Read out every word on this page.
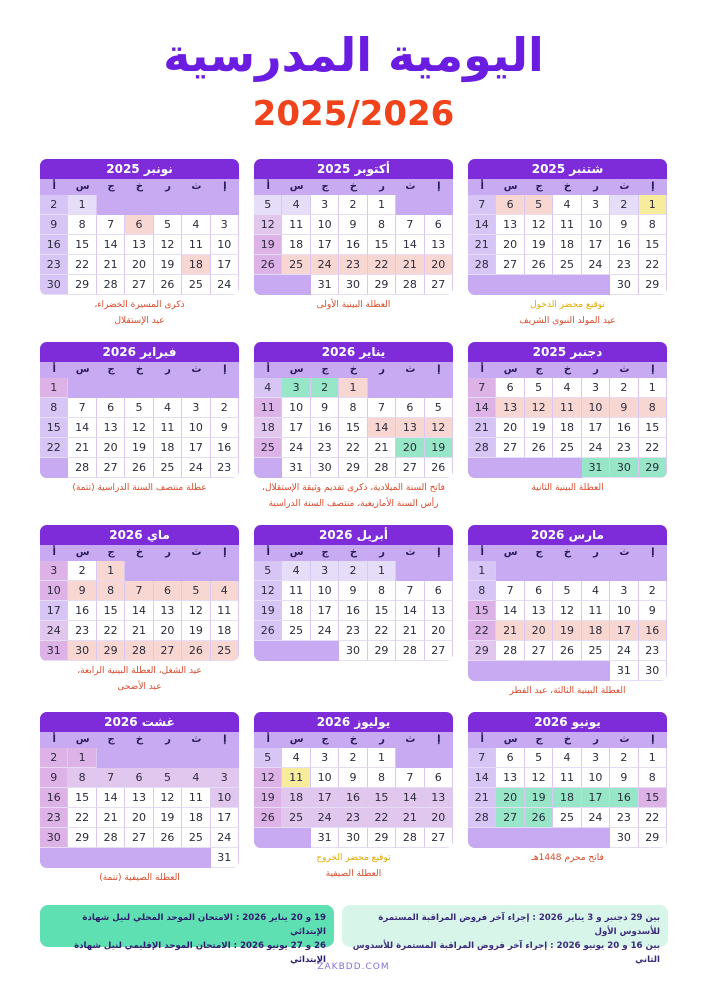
اليومية المدرسية
2025/2026
شتنبر 2025
إ
ث
ر
خ
ج
س
أ
1
2
3
4
5
6
7
8
9
10
11
12
13
14
15
16
17
18
19
20
21
22
23
24
25
26
27
28
29
30
توقيع محضر الدخول
عيد المولد النبوي الشريف
أكتوبر 2025
إ
ث
ر
خ
ج
س
أ
1
2
3
4
5
6
7
8
9
10
11
12
13
14
15
16
17
18
19
20
21
22
23
24
25
26
27
28
29
30
31
العطلة البينية الأولى
نونبر 2025
إ
ث
ر
خ
ج
س
أ
1
2
3
4
5
6
7
8
9
10
11
12
13
14
15
16
17
18
19
20
21
22
23
24
25
26
27
28
29
30
ذكرى المسيرة الخضراء،
عيد الإستقلال
دجنبر 2025
إ
ث
ر
خ
ج
س
أ
1
2
3
4
5
6
7
8
9
10
11
12
13
14
15
16
17
18
19
20
21
22
23
24
25
26
27
28
29
30
31
العطلة البينية الثانية
يناير 2026
إ
ث
ر
خ
ج
س
أ
1
2
3
4
5
6
7
8
9
10
11
12
13
14
15
16
17
18
19
20
21
22
23
24
25
26
27
28
29
30
31
فاتح السنة الميلادية، ذكرى تقديم وثيقة الإستقلال،
رأس السنة الأمازيغية، منتصف السنة الدراسية
فبراير 2026
إ
ث
ر
خ
ج
س
أ
1
2
3
4
5
6
7
8
9
10
11
12
13
14
15
16
17
18
19
20
21
22
23
24
25
26
27
28
عطلة منتصف السنة الدراسية (تتمة)
مارس 2026
إ
ث
ر
خ
ج
س
أ
1
2
3
4
5
6
7
8
9
10
11
12
13
14
15
16
17
18
19
20
21
22
23
24
25
26
27
28
29
30
31
العطلة البينية الثالثة، عيد الفطر
أبريل 2026
إ
ث
ر
خ
ج
س
أ
1
2
3
4
5
6
7
8
9
10
11
12
13
14
15
16
17
18
19
20
21
22
23
24
25
26
27
28
29
30
ماي 2026
إ
ث
ر
خ
ج
س
أ
1
2
3
4
5
6
7
8
9
10
11
12
13
14
15
16
17
18
19
20
21
22
23
24
25
26
27
28
29
30
31
عيد الشغل، العطلة البينية الرابعة،
عيد الأضحى
يونيو 2026
إ
ث
ر
خ
ج
س
أ
1
2
3
4
5
6
7
8
9
10
11
12
13
14
15
16
17
18
19
20
21
22
23
24
25
26
27
28
29
30
فاتح محرم 1448هـ
يوليوز 2026
إ
ث
ر
خ
ج
س
أ
1
2
3
4
5
6
7
8
9
10
11
12
13
14
15
16
17
18
19
20
21
22
23
24
25
26
27
28
29
30
31
توقيع محضر الخروج
العطلة الصيفية
غشت 2026
إ
ث
ر
خ
ج
س
أ
1
2
3
4
5
6
7
8
9
10
11
12
13
14
15
16
17
18
19
20
21
22
23
24
25
26
27
28
29
30
31
العطلة الصيفية (تتمة)
بين 29 دجنبر و 3 يناير 2026 : إجراء آخر فروض المراقبة المستمرة للأسدوس الأول
بين 16 و 20 يونيو 2026 : إجراء آخر فروض المراقبة المستمرة للأسدوس الثاني
19 و 20 يناير 2026 : الامتحان الموحد المحلي لنيل شهادة الإبتدائي
26 و 27 يونيو 2026 : الامتحان الموحد الإقليمي لنيل شهادة الإبتدائي
ZAKBDD.COM
